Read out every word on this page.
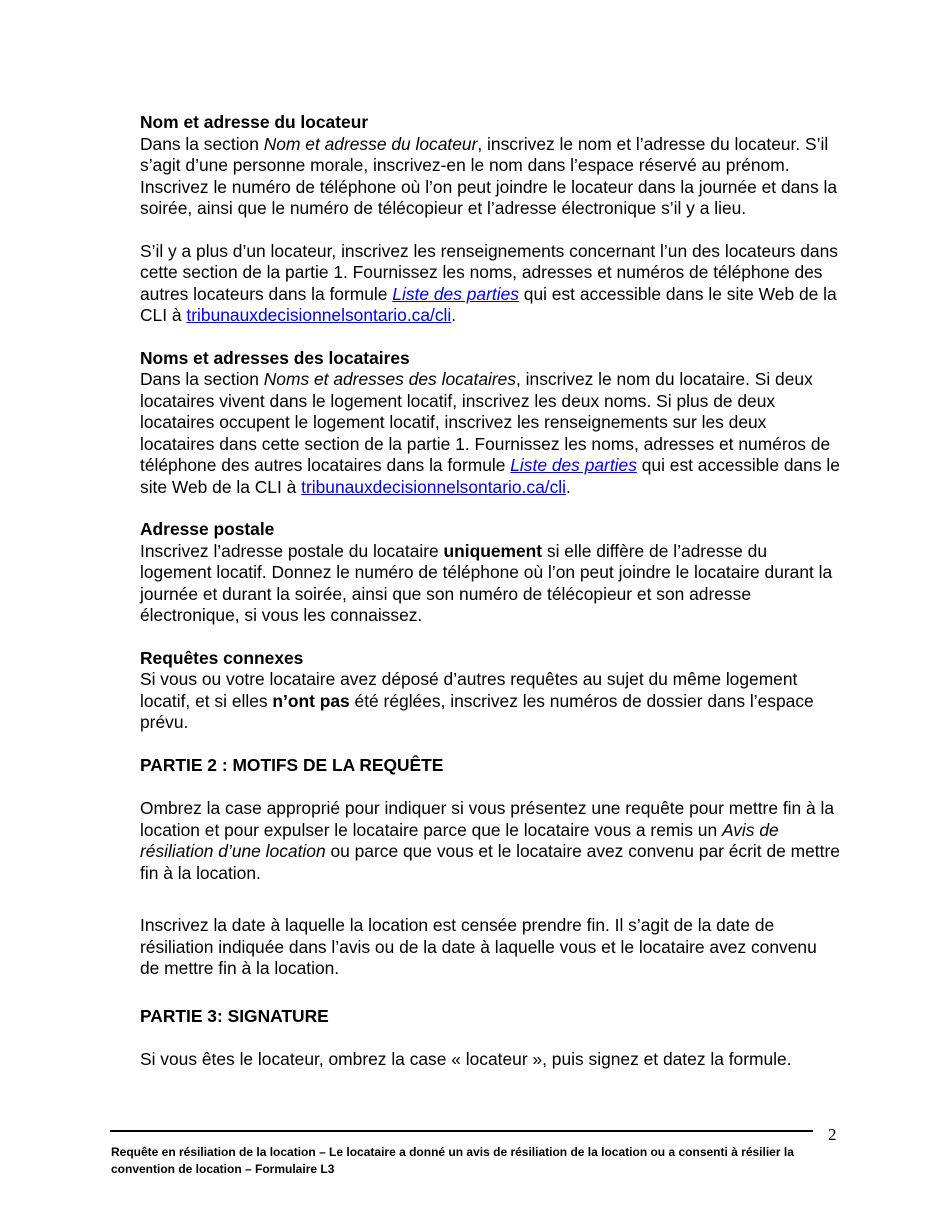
Nom et adresse du locateur

Dans la section Nom et adresse du locateur, inscrivez le nom et l’adresse du locateur. S’il s’agit d’une personne morale, inscrivez-en le nom dans l’espace réservé au prénom. Inscrivez le numéro de téléphone où l’on peut joindre le locateur dans la journée et dans la soirée, ainsi que le numéro de télécopieur et l’adresse électronique s’il y a lieu.

S’il y a plus d’un locateur, inscrivez les renseignements concernant l’un des locateurs dans cette section de la partie 1. Fournissez les noms, adresses et numéros de téléphone des autres locateurs dans la formule Liste des parties qui est accessible dans le site Web de la CLI à tribunauxdecisionnelsontario.ca/cli.

Noms et adresses des locataires

Dans la section Noms et adresses des locataires, inscrivez le nom du locataire. Si deux locataires vivent dans le logement locatif, inscrivez les deux noms. Si plus de deux locataires occupent le logement locatif, inscrivez les renseignements sur les deux locataires dans cette section de la partie 1. Fournissez les noms, adresses et numéros de téléphone des autres locataires dans la formule Liste des parties qui est accessible dans le site Web de la CLI à tribunauxdecisionnelsontario.ca/cli.

Adresse postale

Inscrivez l’adresse postale du locataire uniquement si elle diffère de l’adresse du logement locatif. Donnez le numéro de téléphone où l’on peut joindre le locataire durant la journée et durant la soirée, ainsi que son numéro de télécopieur et son adresse électronique, si vous les connaissez.

Requêtes connexes

Si vous ou votre locataire avez déposé d’autres requêtes au sujet du même logement locatif, et si elles n’ont pas été réglées, inscrivez les numéros de dossier dans l’espace prévu.

PARTIE 2 : MOTIFS DE LA REQUÊTE

Ombrez la case approprié pour indiquer si vous présentez une requête pour mettre fin à la location et pour expulser le locataire parce que le locataire vous a remis un Avis de résiliation d’une location ou parce que vous et le locataire avez convenu par écrit de mettre fin à la location.

Inscrivez la date à laquelle la location est censée prendre fin. Il s’agit de la date de résiliation indiquée dans l’avis ou de la date à laquelle vous et le locataire avez convenu de mettre fin à la location.

PARTIE 3: SIGNATURE

Si vous êtes le locateur, ombrez la case « locateur », puis signez et datez la formule.

2

Requête en résiliation de la location – Le locataire a donné un avis de résiliation de la location ou a consenti à résilier la convention de location – Formulaire L3
